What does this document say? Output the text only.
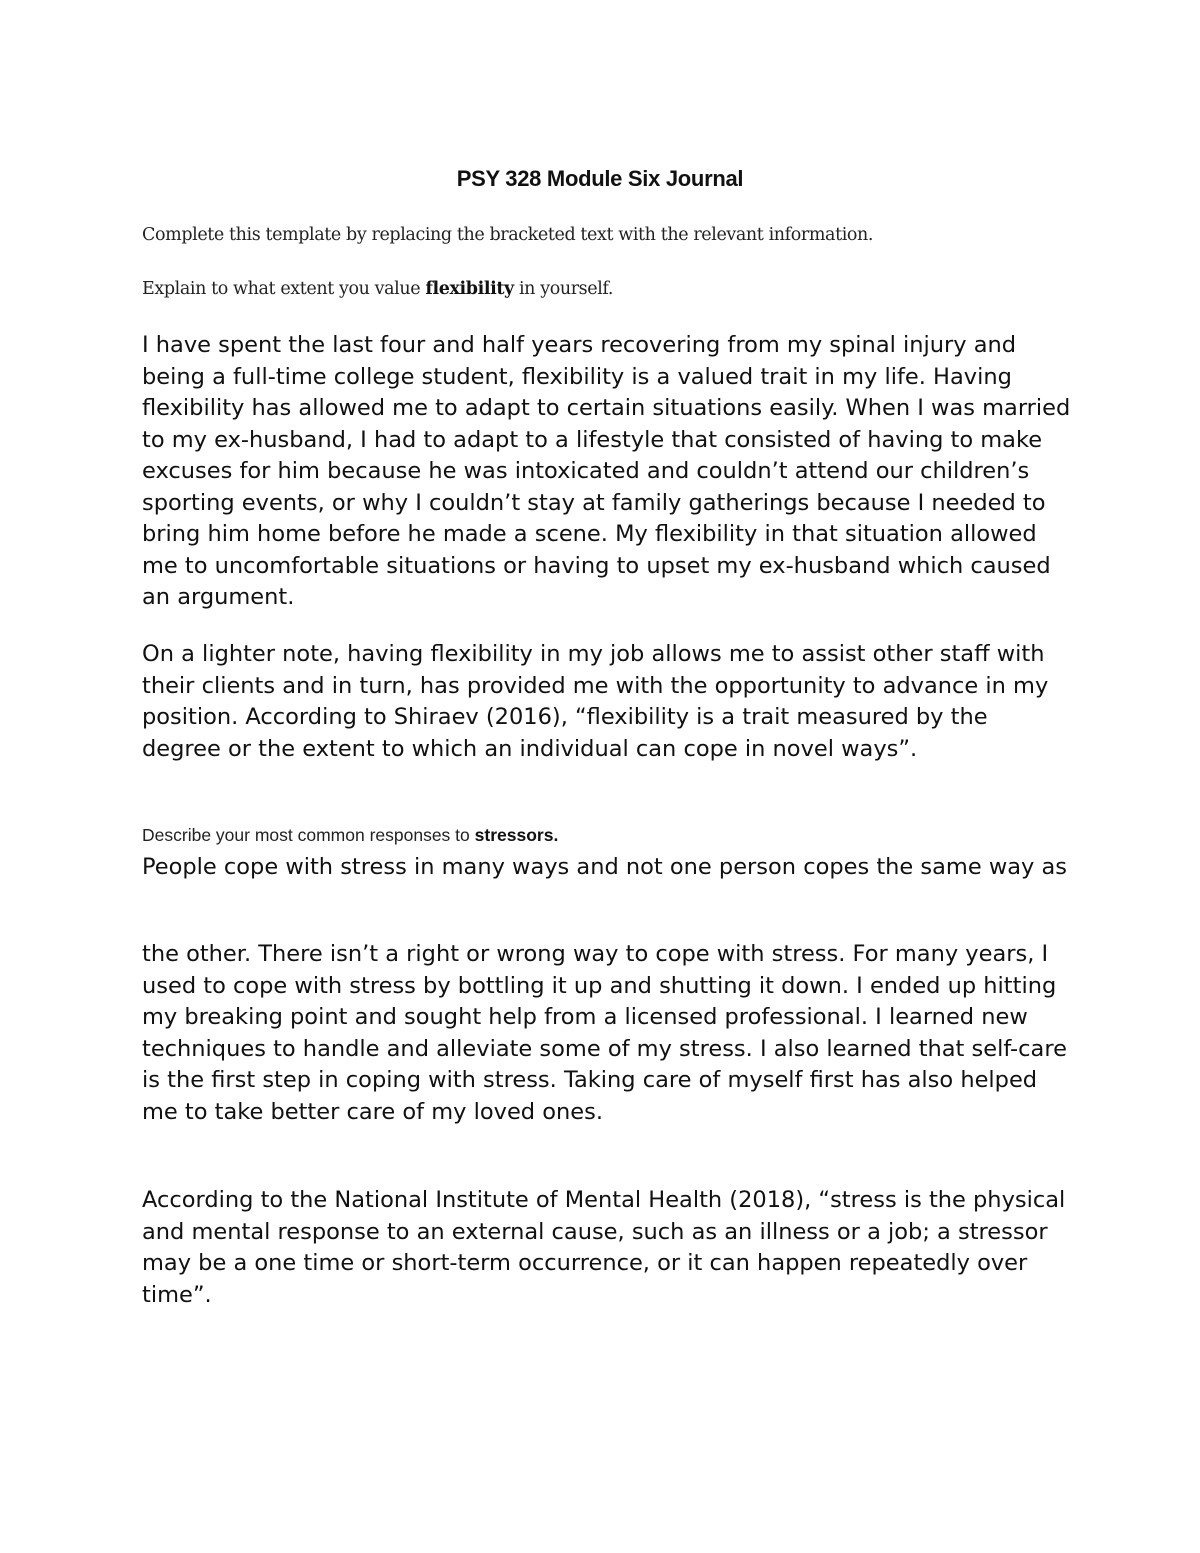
PSY 328 Module Six Journal
Complete this template by replacing the bracketed text with the relevant information.
Explain to what extent you value flexibility in yourself.

I have spent the last four and half years recovering from my spinal injury and being a full-time college student, flexibility is a valued trait in my life. Having flexibility has allowed me to adapt to certain situations easily. When I was married to my ex-husband, I had to adapt to a lifestyle that consisted of having to make excuses for him because he was intoxicated and couldn’t attend our children’s sporting events, or why I couldn’t stay at family gatherings because I needed to bring him home before he made a scene. My flexibility in that situation allowed me to uncomfortable situations or having to upset my ex-husband which caused an argument.

On a lighter note, having flexibility in my job allows me to assist other staff with their clients and in turn, has provided me with the opportunity to advance in my position. According to Shiraev (2016), “flexibility is a trait measured by the degree or the extent to which an individual can cope in novel ways”.

Describe your most common responses to stressors.

People cope with stress in many ways and not one person copes the same way as

the other. There isn’t a right or wrong way to cope with stress. For many years, I used to cope with stress by bottling it up and shutting it down. I ended up hitting my breaking point and sought help from a licensed professional. I learned new techniques to handle and alleviate some of my stress. I also learned that self-care is the first step in coping with stress. Taking care of myself first has also helped me to take better care of my loved ones.

According to the National Institute of Mental Health (2018), “stress is the physical and mental response to an external cause, such as an illness or a job; a stressor may be a one time or short-term occurrence, or it can happen repeatedly over time”.
